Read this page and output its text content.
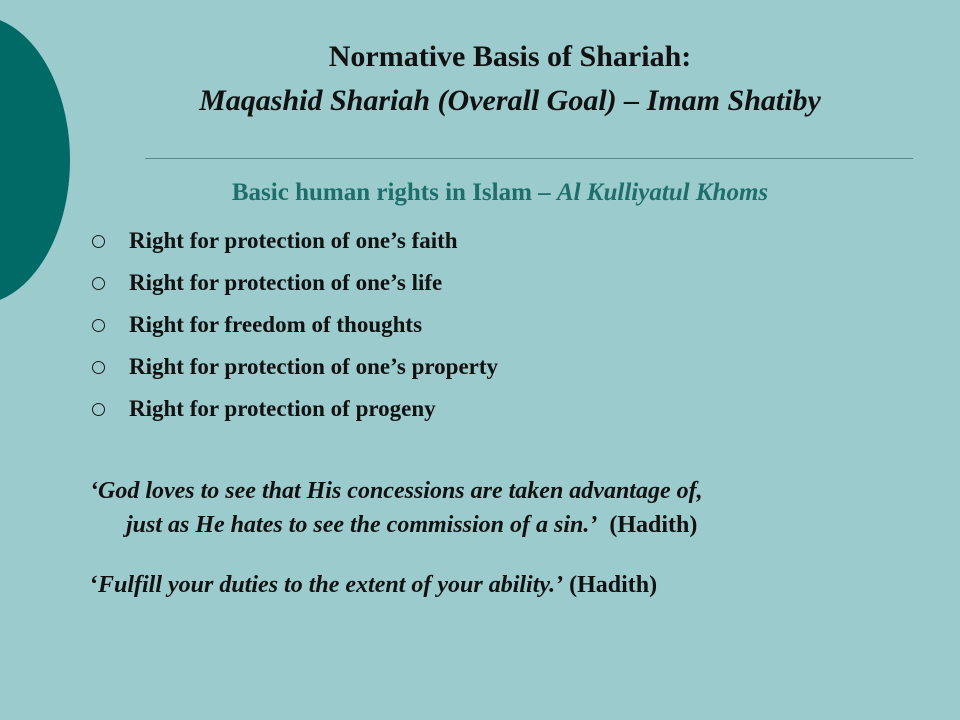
Normative Basis of Shariah:
Maqashid Shariah (Overall Goal) – Imam Shatiby
Basic human rights in Islam – Al Kulliyatul Khoms
Right for protection of one’s faith
Right for protection of one’s life
Right for freedom of thoughts
Right for protection of one’s property
Right for protection of progeny
‘God loves to see that His concessions are taken advantage of,
just as He hates to see the commission of a sin.’ (Hadith)
‘Fulfill your duties to the extent of your ability.’ (Hadith)
